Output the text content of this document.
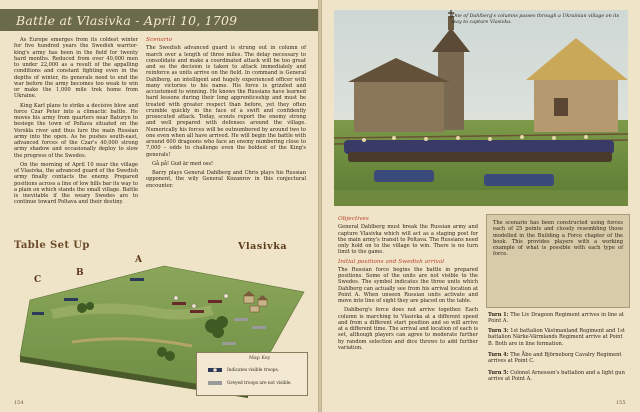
Battle at Vlasivka - April 10, 1709

As Europe emerges from its coldest winter for five hundred years the Swedish warrior-king's army has been in the field for twenty hard months. Reduced from over 40,000 men to under 22,000 as a result of the appalling conditions and constant fighting even in the depths of winter, its generals need to end the war before the army becomes too weak to win or make the 1,000 mile trek home from Ukraine.

King Karl plans to strike a decisive blow and force Czar Peter into a climactic battle. He moves his army from quarters near Baturyn to besiege the town of Poltava situated on the Vorskla river and thus lure the main Russian army into the open. As he pushes south-east, advanced forces of the Czar's 40,000 strong army shadow and occasionally deploy to slow the progress of the Swedes.

On the morning of April 10 near the village of Vlasivka, the advanced guard of the Swedish army finally contacts the enemy. Prepared positions across a line of low hills bar its way to a plain on which stands the small village. Battle is inevitable if the weary Swedes are to continue toward Poltava and their destiny.

Scenario

The Swedish advanced guard is strung out in column of march over a length of three miles. The delay necessary to consolidate and make a coordinated attack will be too great and so the decision is taken to attack immediately and reinforce as units arrive on the field. In command is General Dahlberg, an intelligent and hugely experienced officer with many victories to his name. His force is grizzled and accustomed to winning. He knows the Russians have learned hard lessons during their long apprenticeship and must be treated with greater respect than before, yet they often crumble quickly in the face of a swift and confidently prosecuted attack. Today, scouts report the enemy strong and well prepared with defenses around the village. Numerically his forces will be outnumbered by around two to one even when all have arrived. He will begin the battle with around 600 dragoons who face an enemy numbering close to 7,000 – odds to challenge even the boldest of the King's generals!

Gå på! Gud är med oss!

Barry plays General Dahlberg and Chris plays his Russian opponent, the wily General Kozanrov in this conjectural encounter.

Table Set Up
A
B
C
Vlasivka
Map Key
Indicates visible troops.
Greyed troops are not visible.
154	155
One of Dahlberg's columns passes through a Ukrainian village on its way to capture Vlasivka.
Objectives

General Dahlberg must break the Russian army and capture Vlasivka which will act as a staging post for the main army's transit to Poltava. The Russians need only hold on to the village to win. There is no turn limit to the game.

Initial positions and Swedish arrival

The Russian force begins the battle in prepared positions. Some of the units are not visible to the Swedes. The symbol indicates the three units which Dahlberg can actually see from his arrival location at Point A. When unseen Russian units activate and move into line of sight they are placed on the table.

Dahlberg's force does not arrive together. Each column is marching to Vlasivka at a different speed and from a different start position and so will arrive at a different time. The arrival and location of each is set, although players can agree to moderate further by random selection and dice throws to add further variation.

The scenario has been constructed using forces each of 25 points and closely resembling those modelled in the Building a Force chapter of the book. This provides players with a working example of what is possible with each type of force.
Turn 1: The Liv Dragoon Regiment arrives in line at Point A.
Turn 3: 1st battalion Västmanland Regiment and 1st battalion Närke-Värmlands Regiment arrive at Point B. Both are in line formation.
Turn 4: The Åbo and Björneborg Cavalry Regiment arrives at Point C.
Turn 5: Colonel Arnesson's battalion and a light gun arrive at Point A.
